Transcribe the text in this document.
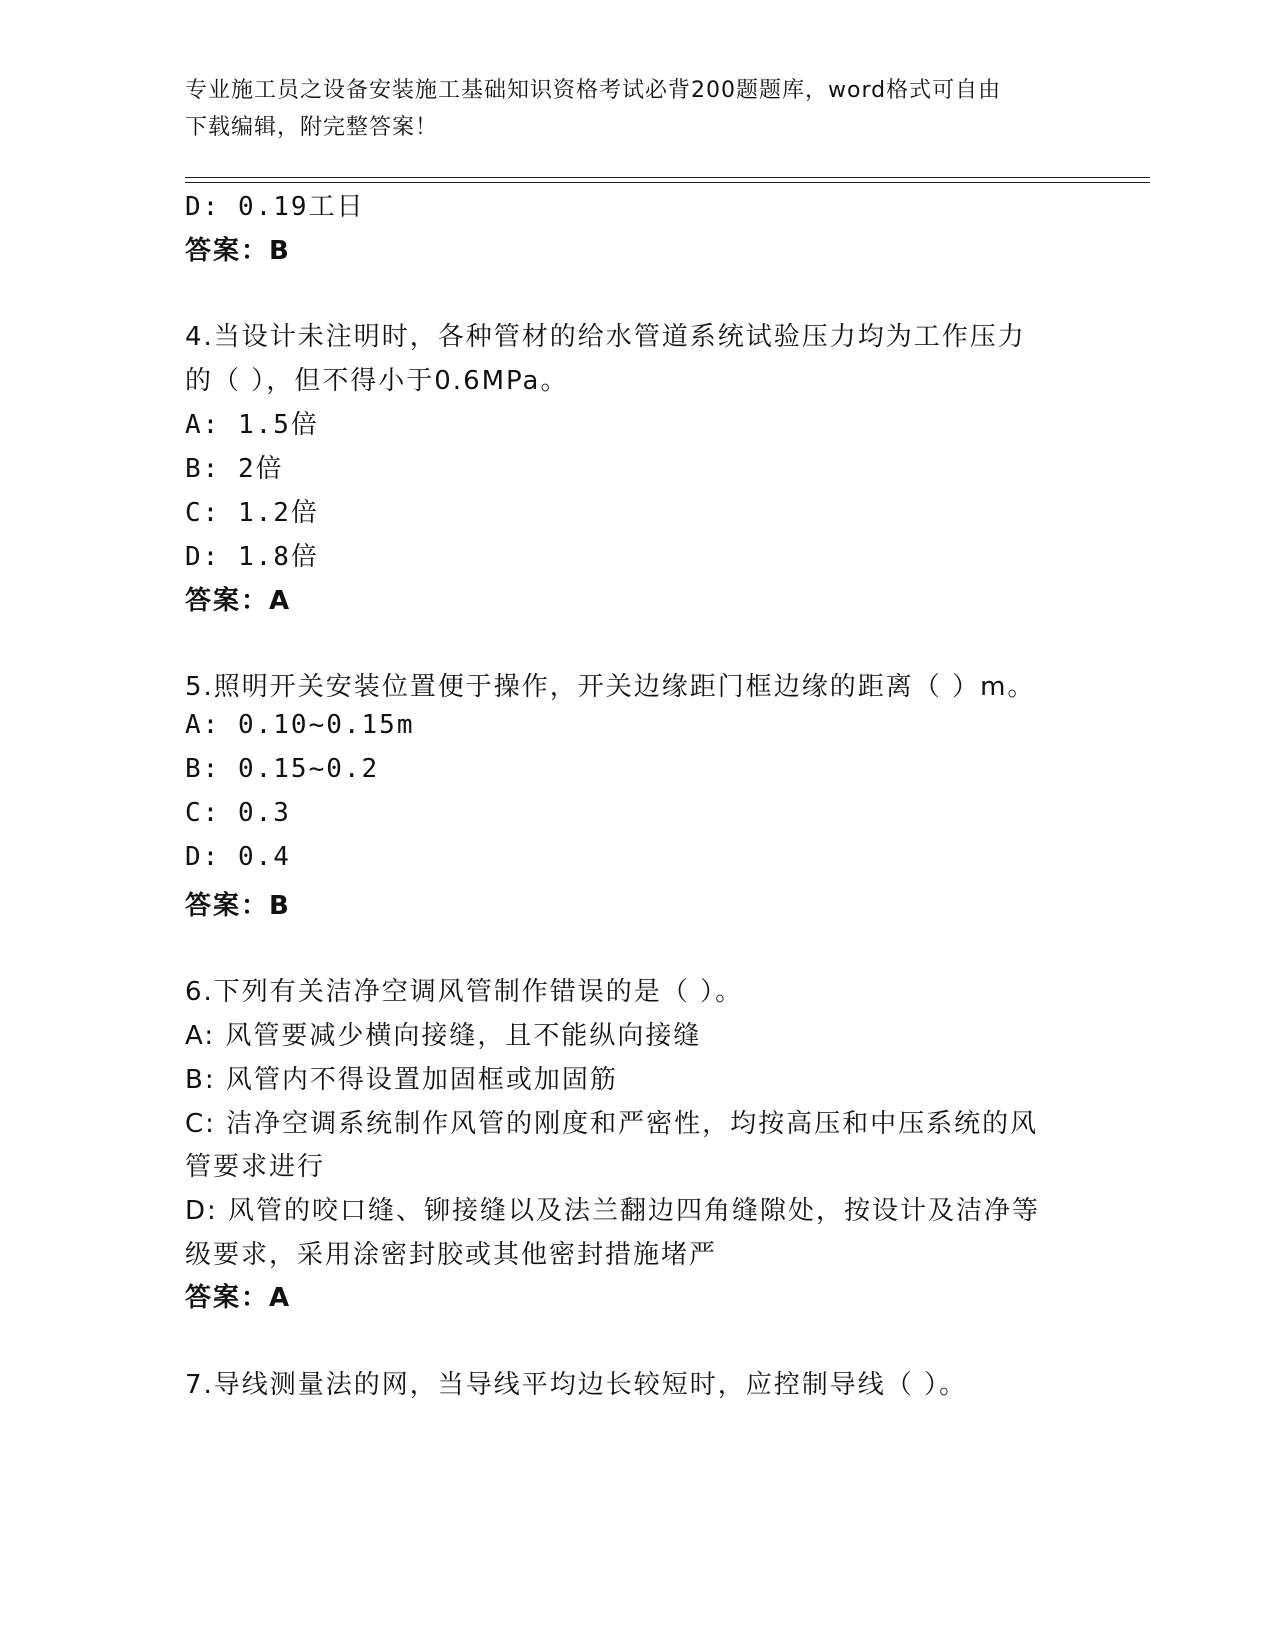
专业施工员之设备安装施工基础知识资格考试必背200题题库，word格式可自由
下载编辑，附完整答案！
D: 0.19工日
答案：B
4.当设计未注明时，各种管材的给水管道系统试验压力均为工作压力
的（ ），但不得小于0.6MPa。
A: 1.5倍
B: 2倍
C: 1.2倍
D: 1.8倍
答案：A
5.照明开关安装位置便于操作，开关边缘距门框边缘的距离（ ）m。
A: 0.10~0.15m
B: 0.15~0.2
C: 0.3
D: 0.4
答案：B
6.下列有关洁净空调风管制作错误的是（ ）。
A: 风管要减少横向接缝，且不能纵向接缝
B: 风管内不得设置加固框或加固筋
C: 洁净空调系统制作风管的刚度和严密性，均按高压和中压系统的风
管要求进行
D: 风管的咬口缝、铆接缝以及法兰翻边四角缝隙处，按设计及洁净等
级要求，采用涂密封胶或其他密封措施堵严
答案：A
7.导线测量法的网，当导线平均边长较短时，应控制导线（ ）。
